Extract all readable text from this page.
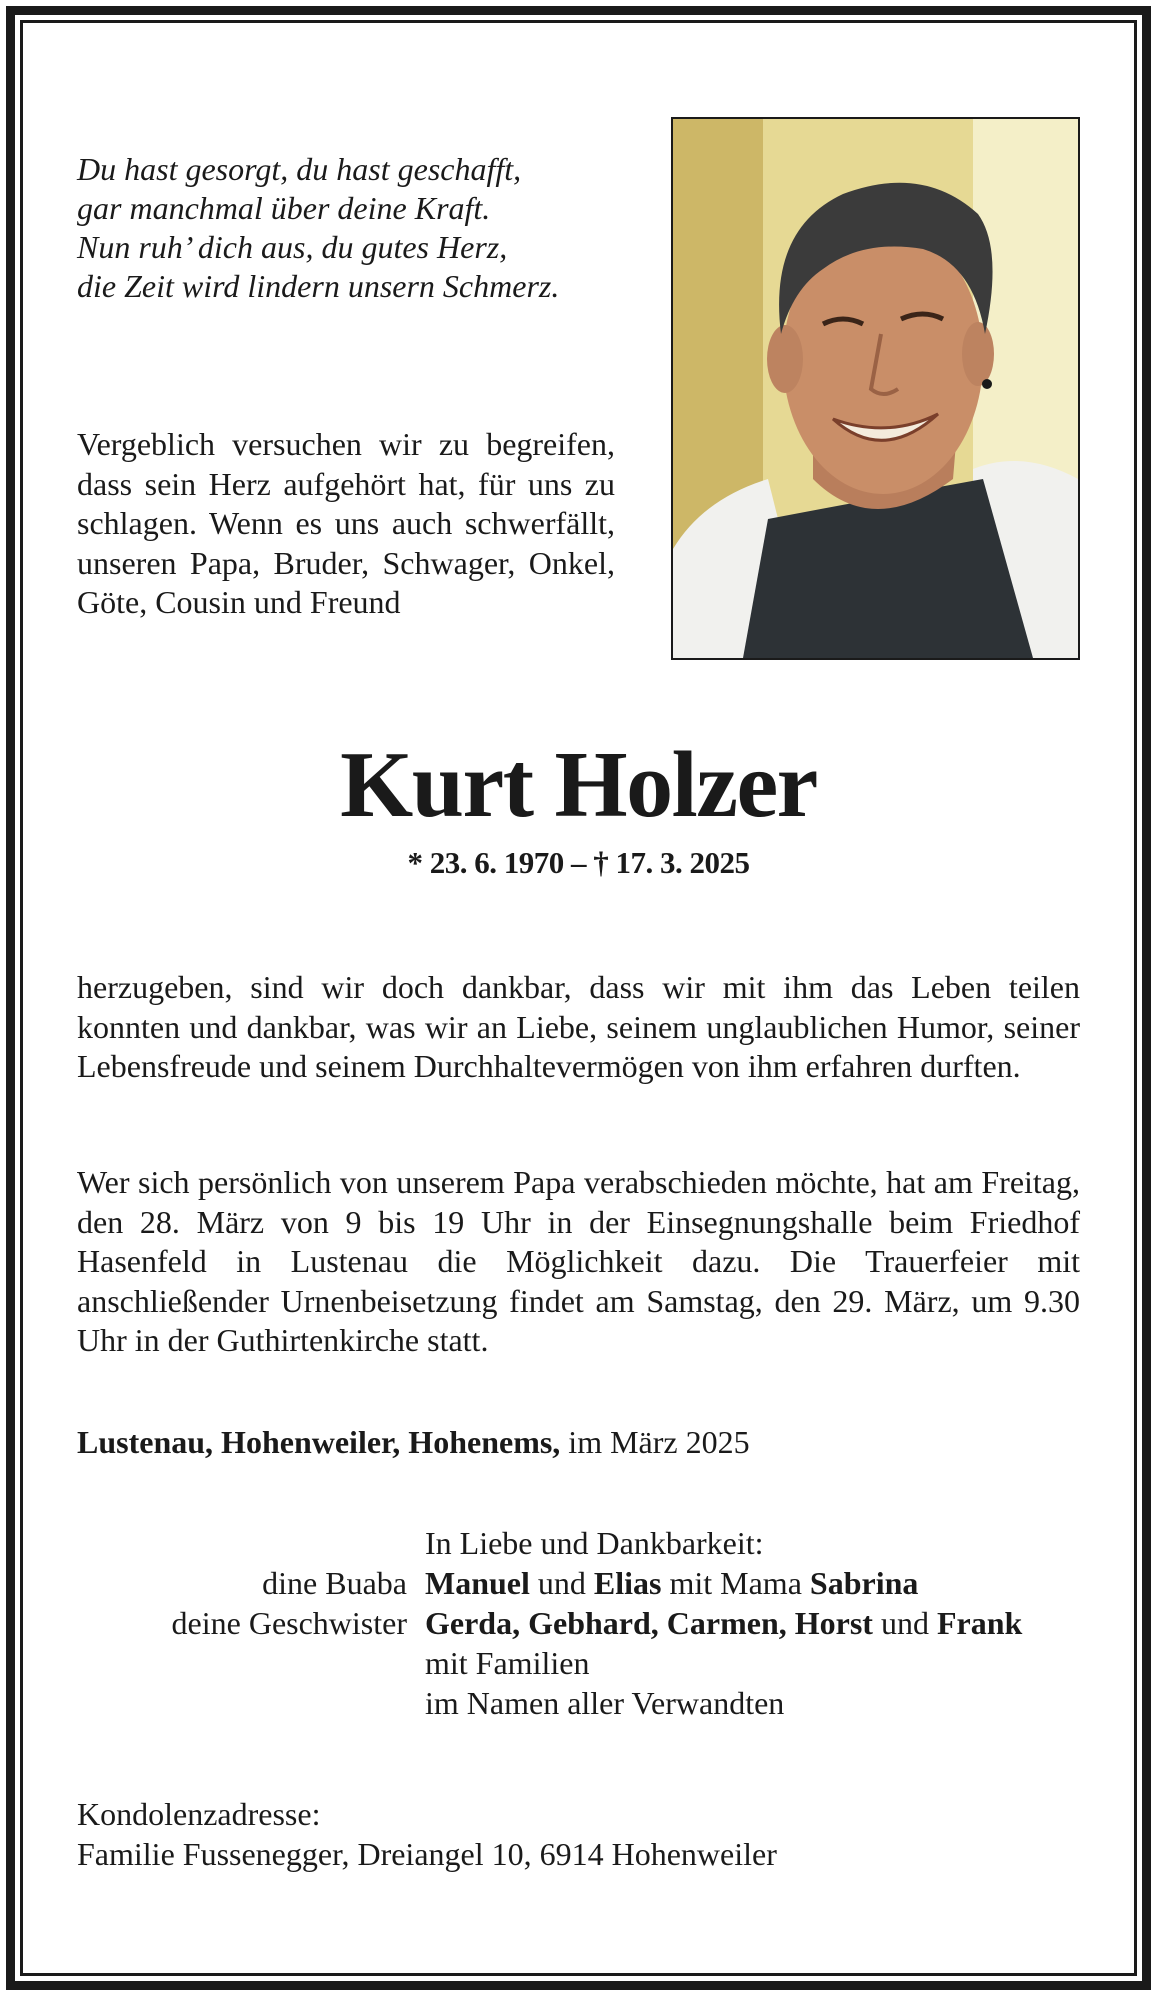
Du hast gesorgt, du hast geschafft,
gar manchmal über deine Kraft.
Nun ruh’ dich aus, du gutes Herz,
die Zeit wird lindern unsern Schmerz.

Vergeblich versuchen wir zu begreifen, dass sein Herz aufgehört hat, für uns zu schlagen. Wenn es uns auch schwerfällt, unseren Papa, Bruder, Schwager, Onkel, Göte, Cousin und Freund

Kurt Holzer
* 23. 6. 1970 – † 17. 3. 2025

herzugeben, sind wir doch dankbar, dass wir mit ihm das Leben teilen konnten und dankbar, was wir an Liebe, seinem unglaublichen Humor, seiner Lebensfreude und seinem Durchhaltevermögen von ihm erfahren durften.

Wer sich persönlich von unserem Papa verabschieden möchte, hat am Freitag, den 28. März von 9 bis 19 Uhr in der Einsegnungshalle beim Friedhof Hasenfeld in Lustenau die Möglichkeit dazu. Die Trauerfeier mit anschließender Urnenbeisetzung findet am Samstag, den 29. März, um 9.30 Uhr in der Guthirtenkirche statt.

Lustenau, Hohenweiler, Hohenems, im März 2025
In Liebe und Dankbarkeit:
dine Buaba Manuel und Elias mit Mama Sabrina
deine Geschwister Gerda, Gebhard, Carmen, Horst und Frank
mit Familien
im Namen aller Verwandten
Kondolenzadresse:
Familie Fussenegger, Dreiangel 10, 6914 Hohenweiler
